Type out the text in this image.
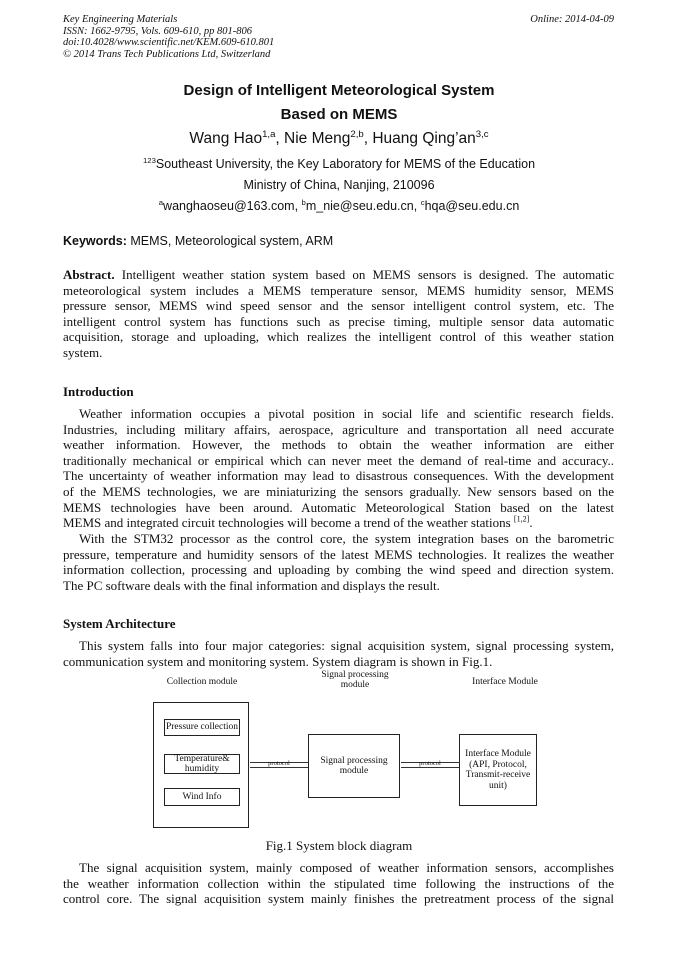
Key Engineering Materials
ISSN: 1662-9795, Vols. 609-610, pp 801-806
doi:10.4028/www.scientific.net/KEM.609-610.801
© 2014 Trans Tech Publications Ltd, Switzerland
Online: 2014-04-09
Design of Intelligent Meteorological System
Based on MEMS
Wang Hao$^{1,a}$, Nie Meng$^{2,b}$, Huang Qing’an$^{3,c}$
$^{123}$Southeast University, the Key Laboratory for MEMS of the Education
Ministry of China, Nanjing, 210096
$^a$wanghaoseu@163.com, $^b$m_nie@seu.edu.cn, $^c$hqa@seu.edu.cn
Keywords: MEMS, Meteorological system, ARM
Abstract. Intelligent weather station system based on MEMS sensors is designed. The automatic
meteorological system includes a MEMS temperature sensor, MEMS humidity sensor, MEMS
pressure sensor, MEMS wind speed sensor and the sensor intelligent control system, etc. The
intelligent control system has functions such as precise timing, multiple sensor data automatic
acquisition, storage and uploading, which realizes the intelligent control of this weather station
system.
Introduction
Weather information occupies a pivotal position in social life and scientific research fields.
Industries, including military affairs, aerospace, agriculture and transportation all need accurate
weather information. However, the methods to obtain the weather information are either
traditionally mechanical or empirical which can never meet the demand of real-time and accuracy..
The uncertainty of weather information may lead to disastrous consequences. With the development
of the MEMS technologies, we are miniaturizing the sensors gradually. New sensors based on the
MEMS technologies have been around. Automatic Meteorological Station based on the latest
MEMS and integrated circuit technologies will become a trend of the weather stations [1,2].
With the STM32 processor as the control core, the system integration bases on the barometric
pressure, temperature and humidity sensors of the latest MEMS technologies. It realizes the weather
information collection, processing and uploading by combing the wind speed and direction system.
The PC software deals with the final information and displays the result.
System Architecture
This system falls into four major categories: signal acquisition system, signal processing system,
communication system and monitoring system. System diagram is shown in Fig.1.
Collection module
Signal processing
module	Interface Module
Pressure collection
Temperature&
humidity
Wind Info
protocol	Signal processing
module
protocol
Interface Module
(API, Protocol,
Transmit-receive
unit)
Fig.1 System block diagram
The signal acquisition system, mainly composed of weather information sensors, accomplishes
the weather information collection within the stipulated time following the instructions of the
control core. The signal acquisition system mainly finishes the pretreatment process of the signal
